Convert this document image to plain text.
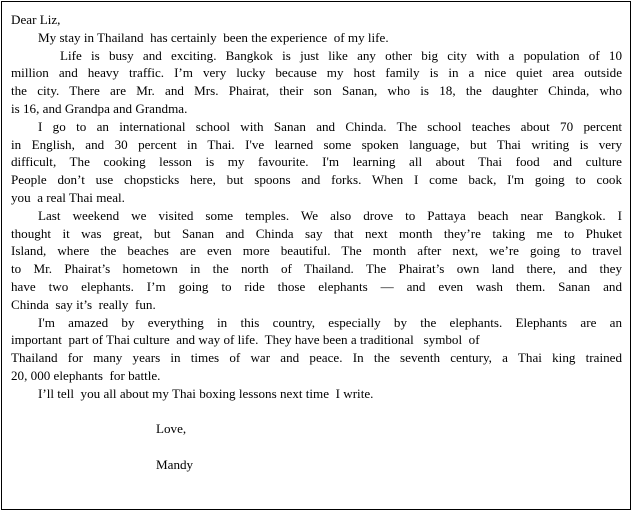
Dear Liz,
My stay in Thailand  has certainly  been the experience  of my life.
Life is busy and exciting. Bangkok is just like any other big city with a population of 10
million and heavy traffic. I’m very lucky because my host family is in a nice quiet area outside
the city. There are Mr. and Mrs. Phairat, their son Sanan, who is 18, the daughter Chinda, who
is 16, and Grandpa and Grandma.
I go to an international school with Sanan and Chinda. The school teaches about 70 percent
in English, and 30 percent in Thai. I've learned some spoken language, but Thai writing is very
difficult, The cooking lesson is my favourite. I'm learning all about Thai food and culture
People don’t use chopsticks here, but spoons and forks. When I come back, I'm going to cook
you  a real Thai meal.
Last weekend we visited some temples. We also drove to Pattaya beach near Bangkok. I
thought it was great, but Sanan and Chinda say that next month they’re taking me to Phuket
Island, where the beaches are even more beautiful. The month after next, we’re going to travel
to Mr. Phairat’s hometown in the north of Thailand. The Phairat’s own land there, and they
have two elephants. I’m going to ride those elephants — and even wash them. Sanan and
Chinda  say it’s  really  fun.
I'm amazed by everything in this country, especially by the elephants. Elephants are an
important  part of Thai culture  and way of life.  They have been a traditional   symbol  of
Thailand for many years in times of war and peace. In the seventh century, a Thai king trained
20, 000 elephants  for battle.
I’ll tell  you all about my Thai boxing lessons next time  I write.
Love,
Mandy
